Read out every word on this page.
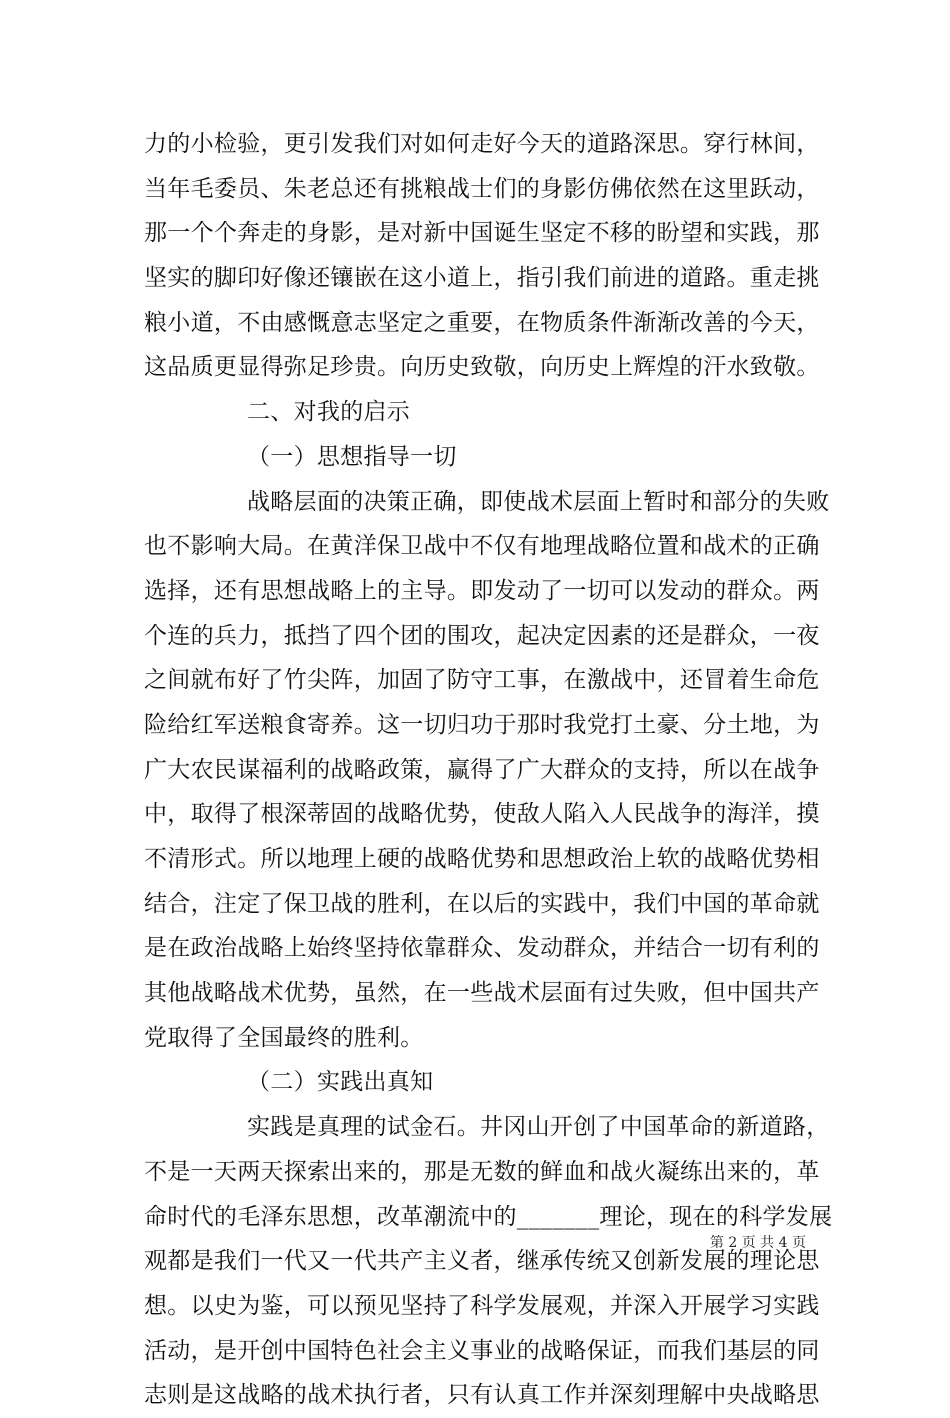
力的小检验，更引发我们对如何走好今天的道路深思。穿行林间，
当年毛委员、朱老总还有挑粮战士们的身影仿佛依然在这里跃动，
那一个个奔走的身影，是对新中国诞生坚定不移的盼望和实践，那
坚实的脚印好像还镶嵌在这小道上，指引我们前进的道路。重走挑
粮小道，不由感慨意志坚定之重要，在物质条件渐渐改善的今天，
这品质更显得弥足珍贵。向历史致敬，向历史上辉煌的汗水致敬。
二、对我的启示
（一）思想指导一切
战略层面的决策正确，即使战术层面上暂时和部分的失败
也不影响大局。在黄洋保卫战中不仅有地理战略位置和战术的正确
选择，还有思想战略上的主导。即发动了一切可以发动的群众。两
个连的兵力，抵挡了四个团的围攻，起决定因素的还是群众，一夜
之间就布好了竹尖阵，加固了防守工事，在激战中，还冒着生命危
险给红军送粮食寄养。这一切归功于那时我党打土豪、分土地，为
广大农民谋福利的战略政策，赢得了广大群众的支持，所以在战争
中，取得了根深蒂固的战略优势，使敌人陷入人民战争的海洋，摸
不清形式。所以地理上硬的战略优势和思想政治上软的战略优势相
结合，注定了保卫战的胜利，在以后的实践中，我们中国的革命就
是在政治战略上始终坚持依靠群众、发动群众，并结合一切有利的
其他战略战术优势，虽然，在一些战术层面有过失败，但中国共产
党取得了全国最终的胜利。
（二）实践出真知
实践是真理的试金石。井冈山开创了中国革命的新道路，
不是一天两天探索出来的，那是无数的鲜血和战火凝练出来的，革
命时代的毛泽东思想，改革潮流中的_______理论，现在的科学发展
观都是我们一代又一代共产主义者，继承传统又创新发展的理论思
想。以史为鉴，可以预见坚持了科学发展观，并深入开展学习实践
活动，是开创中国特色社会主义事业的战略保证，而我们基层的同
志则是这战略的战术执行者，只有认真工作并深刻理解中央战略思
第 2 页 共 4 页
